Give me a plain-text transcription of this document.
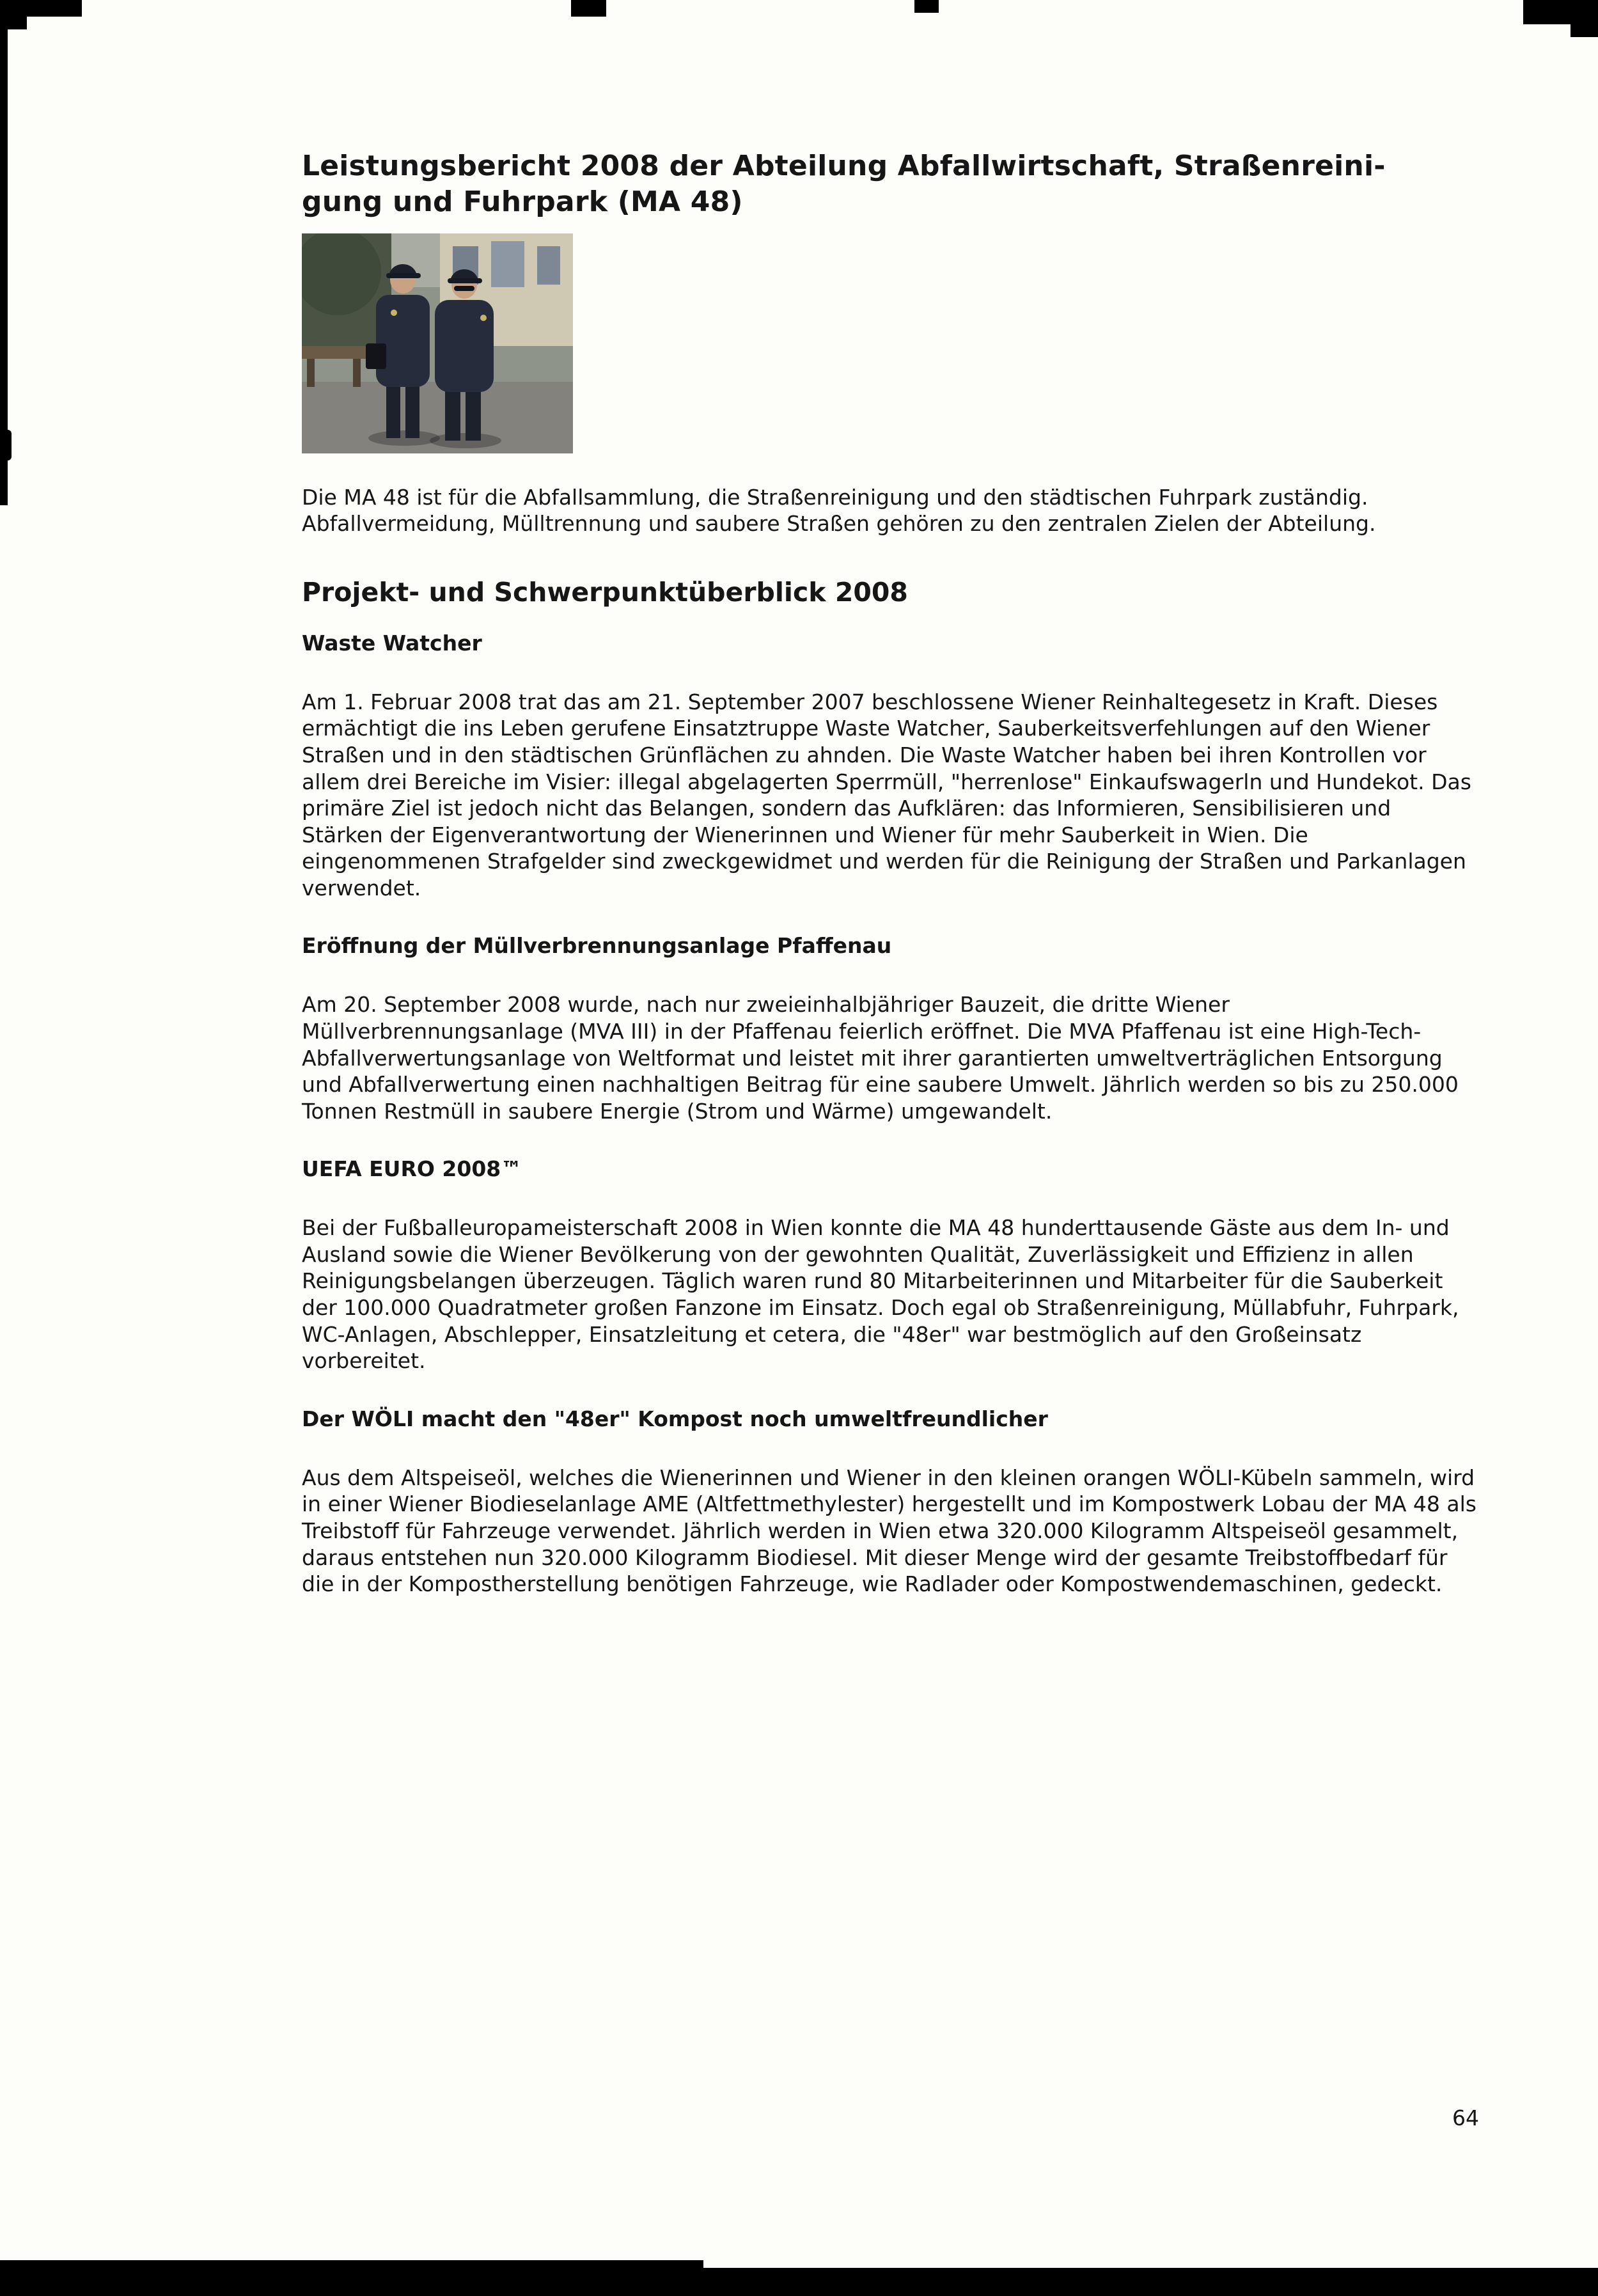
Leistungsbericht 2008 der Abteilung Abfallwirtschaft, Straßenreini-
gung und Fuhrpark (MA 48)

Die MA 48 ist für die Abfallsammlung, die Straßenreinigung und den städtischen Fuhrpark zuständig. Abfallvermeidung, Mülltrennung und saubere Straßen gehören zu den zentralen Zielen der Abteilung.

Projekt- und Schwerpunktüberblick 2008
Waste Watcher

Am 1. Februar 2008 trat das am 21. September 2007 beschlossene Wiener Reinhaltegesetz in Kraft. Dieses ermächtigt die ins Leben gerufene Einsatztruppe Waste Watcher, Sauberkeitsverfehlungen auf den Wiener Straßen und in den städtischen Grünflächen zu ahnden. Die Waste Watcher haben bei ihren Kontrollen vor allem drei Bereiche im Visier: illegal abgelagerten Sperrmüll, "herrenlose" Einkaufswagerln und Hundekot. Das primäre Ziel ist jedoch nicht das Belangen, sondern das Aufklären: das Informieren, Sensibilisieren und Stärken der Eigenverantwortung der Wienerinnen und Wiener für mehr Sauberkeit in Wien. Die eingenommenen Strafgelder sind zweckgewidmet und werden für die Reinigung der Straßen und Parkanlagen verwendet.

Eröffnung der Müllverbrennungsanlage Pfaffenau

Am 20. September 2008 wurde, nach nur zweieinhalbjähriger Bauzeit, die dritte Wiener Müllverbrennungsanlage (MVA III) in der Pfaffenau feierlich eröffnet. Die MVA Pfaffenau ist eine High-Tech-Abfallverwertungsanlage von Weltformat und leistet mit ihrer garantierten umweltverträglichen Entsorgung und Abfallverwertung einen nachhaltigen Beitrag für eine saubere Umwelt. Jährlich werden so bis zu 250.000 Tonnen Restmüll in saubere Energie (Strom und Wärme) umgewandelt.

UEFA EURO 2008™

Bei der Fußballeuropameisterschaft 2008 in Wien konnte die MA 48 hunderttausende Gäste aus dem In- und Ausland sowie die Wiener Bevölkerung von der gewohnten Qualität, Zuverlässigkeit und Effizienz in allen Reinigungsbelangen überzeugen. Täglich waren rund 80 Mitarbeiterinnen und Mitarbeiter für die Sauberkeit der 100.000 Quadratmeter großen Fanzone im Einsatz. Doch egal ob Straßenreinigung, Müllabfuhr, Fuhrpark, WC-Anlagen, Abschlepper, Einsatzleitung et cetera, die "48er" war bestmöglich auf den Großeinsatz vorbereitet.

Der WÖLI macht den "48er" Kompost noch umweltfreundlicher

Aus dem Altspeiseöl, welches die Wienerinnen und Wiener in den kleinen orangen WÖLI-Kübeln sammeln, wird in einer Wiener Biodieselanlage AME (Altfettmethylester) hergestellt und im Kompostwerk Lobau der MA 48 als Treibstoff für Fahrzeuge verwendet. Jährlich werden in Wien etwa 320.000 Kilogramm Altspeiseöl gesammelt, daraus entstehen nun 320.000 Kilogramm Biodiesel. Mit dieser Menge wird der gesamte Treibstoffbedarf für die in der Kompostherstellung benötigen Fahrzeuge, wie Radlader oder Kompostwendemaschinen, gedeckt.

64
